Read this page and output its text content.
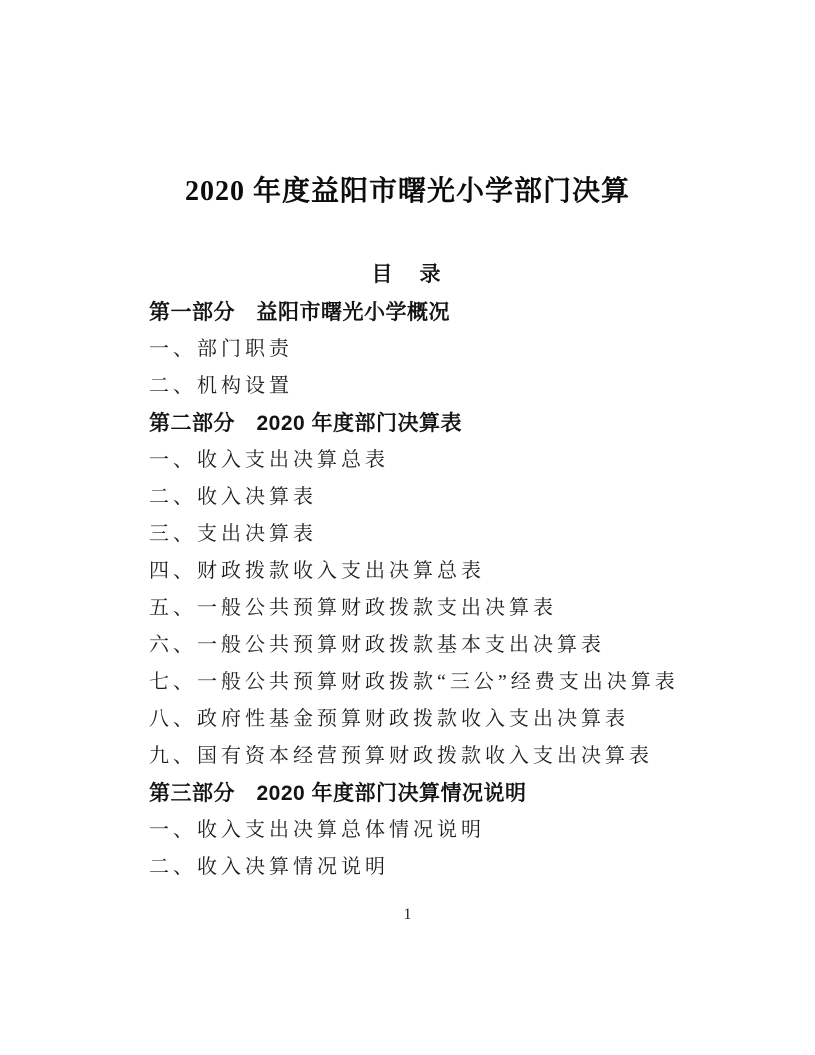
2020 年度益阳市曙光小学部门决算
目　录
第一部分　益阳市曙光小学概况
一、部门职责
二、机构设置
第二部分　2020 年度部门决算表
一、收入支出决算总表
二、收入决算表
三、支出决算表
四、财政拨款收入支出决算总表
五、一般公共预算财政拨款支出决算表
六、一般公共预算财政拨款基本支出决算表
七、一般公共预算财政拨款“三公”经费支出决算表
八、政府性基金预算财政拨款收入支出决算表
九、国有资本经营预算财政拨款收入支出决算表
第三部分　2020 年度部门决算情况说明
一、收入支出决算总体情况说明
二、收入决算情况说明
1
